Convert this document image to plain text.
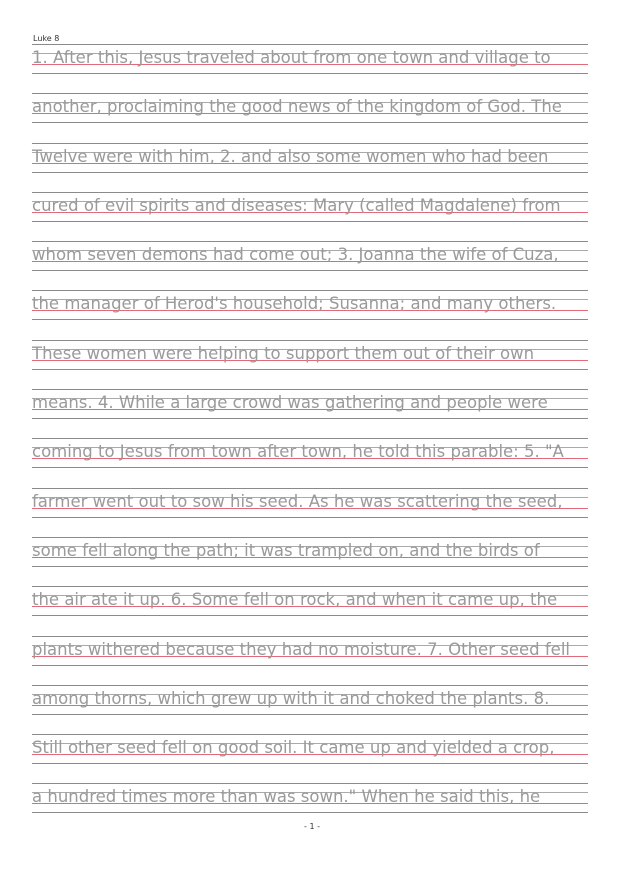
Luke 8
1. After this, Jesus traveled about from one town and village to
another, proclaiming the good news of the kingdom of God. The
Twelve were with him, 2. and also some women who had been
cured of evil spirits and diseases: Mary (called Magdalene) from
whom seven demons had come out; 3. Joanna the wife of Cuza,
the manager of Herod's household; Susanna; and many others.
These women were helping to support them out of their own
means. 4. While a large crowd was gathering and people were
coming to Jesus from town after town, he told this parable: 5. "A
farmer went out to sow his seed. As he was scattering the seed,
some fell along the path; it was trampled on, and the birds of
the air ate it up. 6. Some fell on rock, and when it came up, the
plants withered because they had no moisture. 7. Other seed fell
among thorns, which grew up with it and choked the plants. 8.
Still other seed fell on good soil. It came up and yielded a crop,
a hundred times more than was sown." When he said this, he
- 1 -
